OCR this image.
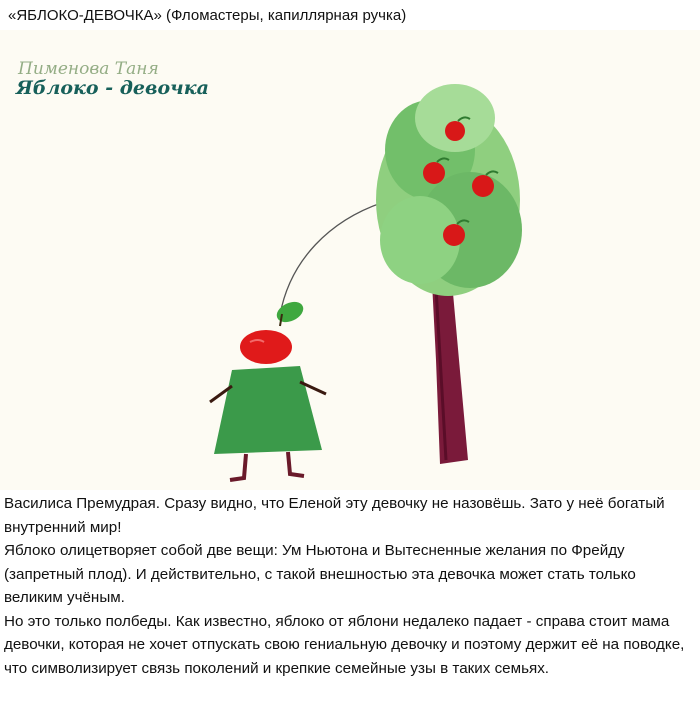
«ЯБЛОКО-ДЕВОЧКА» (Фломастеры, капиллярная ручка)
Пименова Таня
Яблоко - девочка

Василиса Премудрая. Сразу видно, что Еленой эту девочку не назовёшь. Зато у неё богатый внутренний мир!

Яблоко олицетворяет собой две вещи: Ум Ньютона и Вытесненные желания по Фрейду (запретный плод). И действительно, с такой внешностью эта девочка может стать только великим учёным.

Но это только полбеды. Как известно, яблоко от яблони недалеко падает - справа стоит мама девочки, которая не хочет отпускать свою гениальную девочку и поэтому держит её на поводке, что символизирует связь поколений и крепкие семейные узы в таких семьях.
